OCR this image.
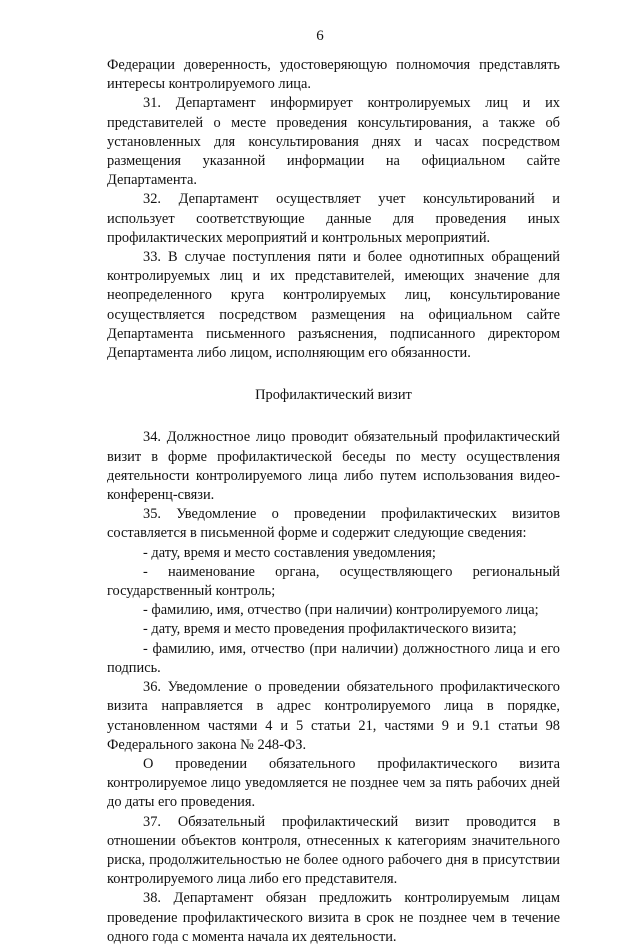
6

Федерации доверенность, удостоверяющую полномочия представлять интересы контролируемого лица.

31. Департамент информирует контролируемых лиц и их представителей о месте проведения консультирования, а также об установленных для консультирования днях и часах посредством размещения указанной информации на официальном сайте Департамента.

32. Департамент осуществляет учет консультирований и использует соответствующие данные для проведения иных профилактических мероприятий и контрольных мероприятий.

33. В случае поступления пяти и более однотипных обращений контролируемых лиц и их представителей, имеющих значение для неопределенного круга контролируемых лиц, консультирование осуществляется посредством размещения на официальном сайте Департамента письменного разъяснения, подписанного директором Департамента либо лицом, исполняющим его обязанности.

Профилактический визит

34. Должностное лицо проводит обязательный профилактический визит в форме профилактической беседы по месту осуществления деятельности контролируемого лица либо путем использования видео-конференц-связи.

35. Уведомление о проведении профилактических визитов составляется в письменной форме и содержит следующие сведения:

- дату, время и место составления уведомления;

- наименование органа, осуществляющего региональный государственный контроль;

- фамилию, имя, отчество (при наличии) контролируемого лица;

- дату, время и место проведения профилактического визита;

- фамилию, имя, отчество (при наличии) должностного лица и его подпись.

36. Уведомление о проведении обязательного профилактического визита направляется в адрес контролируемого лица в порядке, установленном частями 4 и 5 статьи 21, частями 9 и 9.1 статьи 98 Федерального закона № 248-ФЗ.

О проведении обязательного профилактического визита контролируемое лицо уведомляется не позднее чем за пять рабочих дней до даты его проведения.

37. Обязательный профилактический визит проводится в отношении объектов контроля, отнесенных к категориям значительного риска, продолжительностью не более одного рабочего дня в присутствии контролируемого лица либо его представителя.

38. Департамент обязан предложить контролируемым лицам проведение профилактического визита в срок не позднее чем в течение одного года с момента начала их деятельности.
